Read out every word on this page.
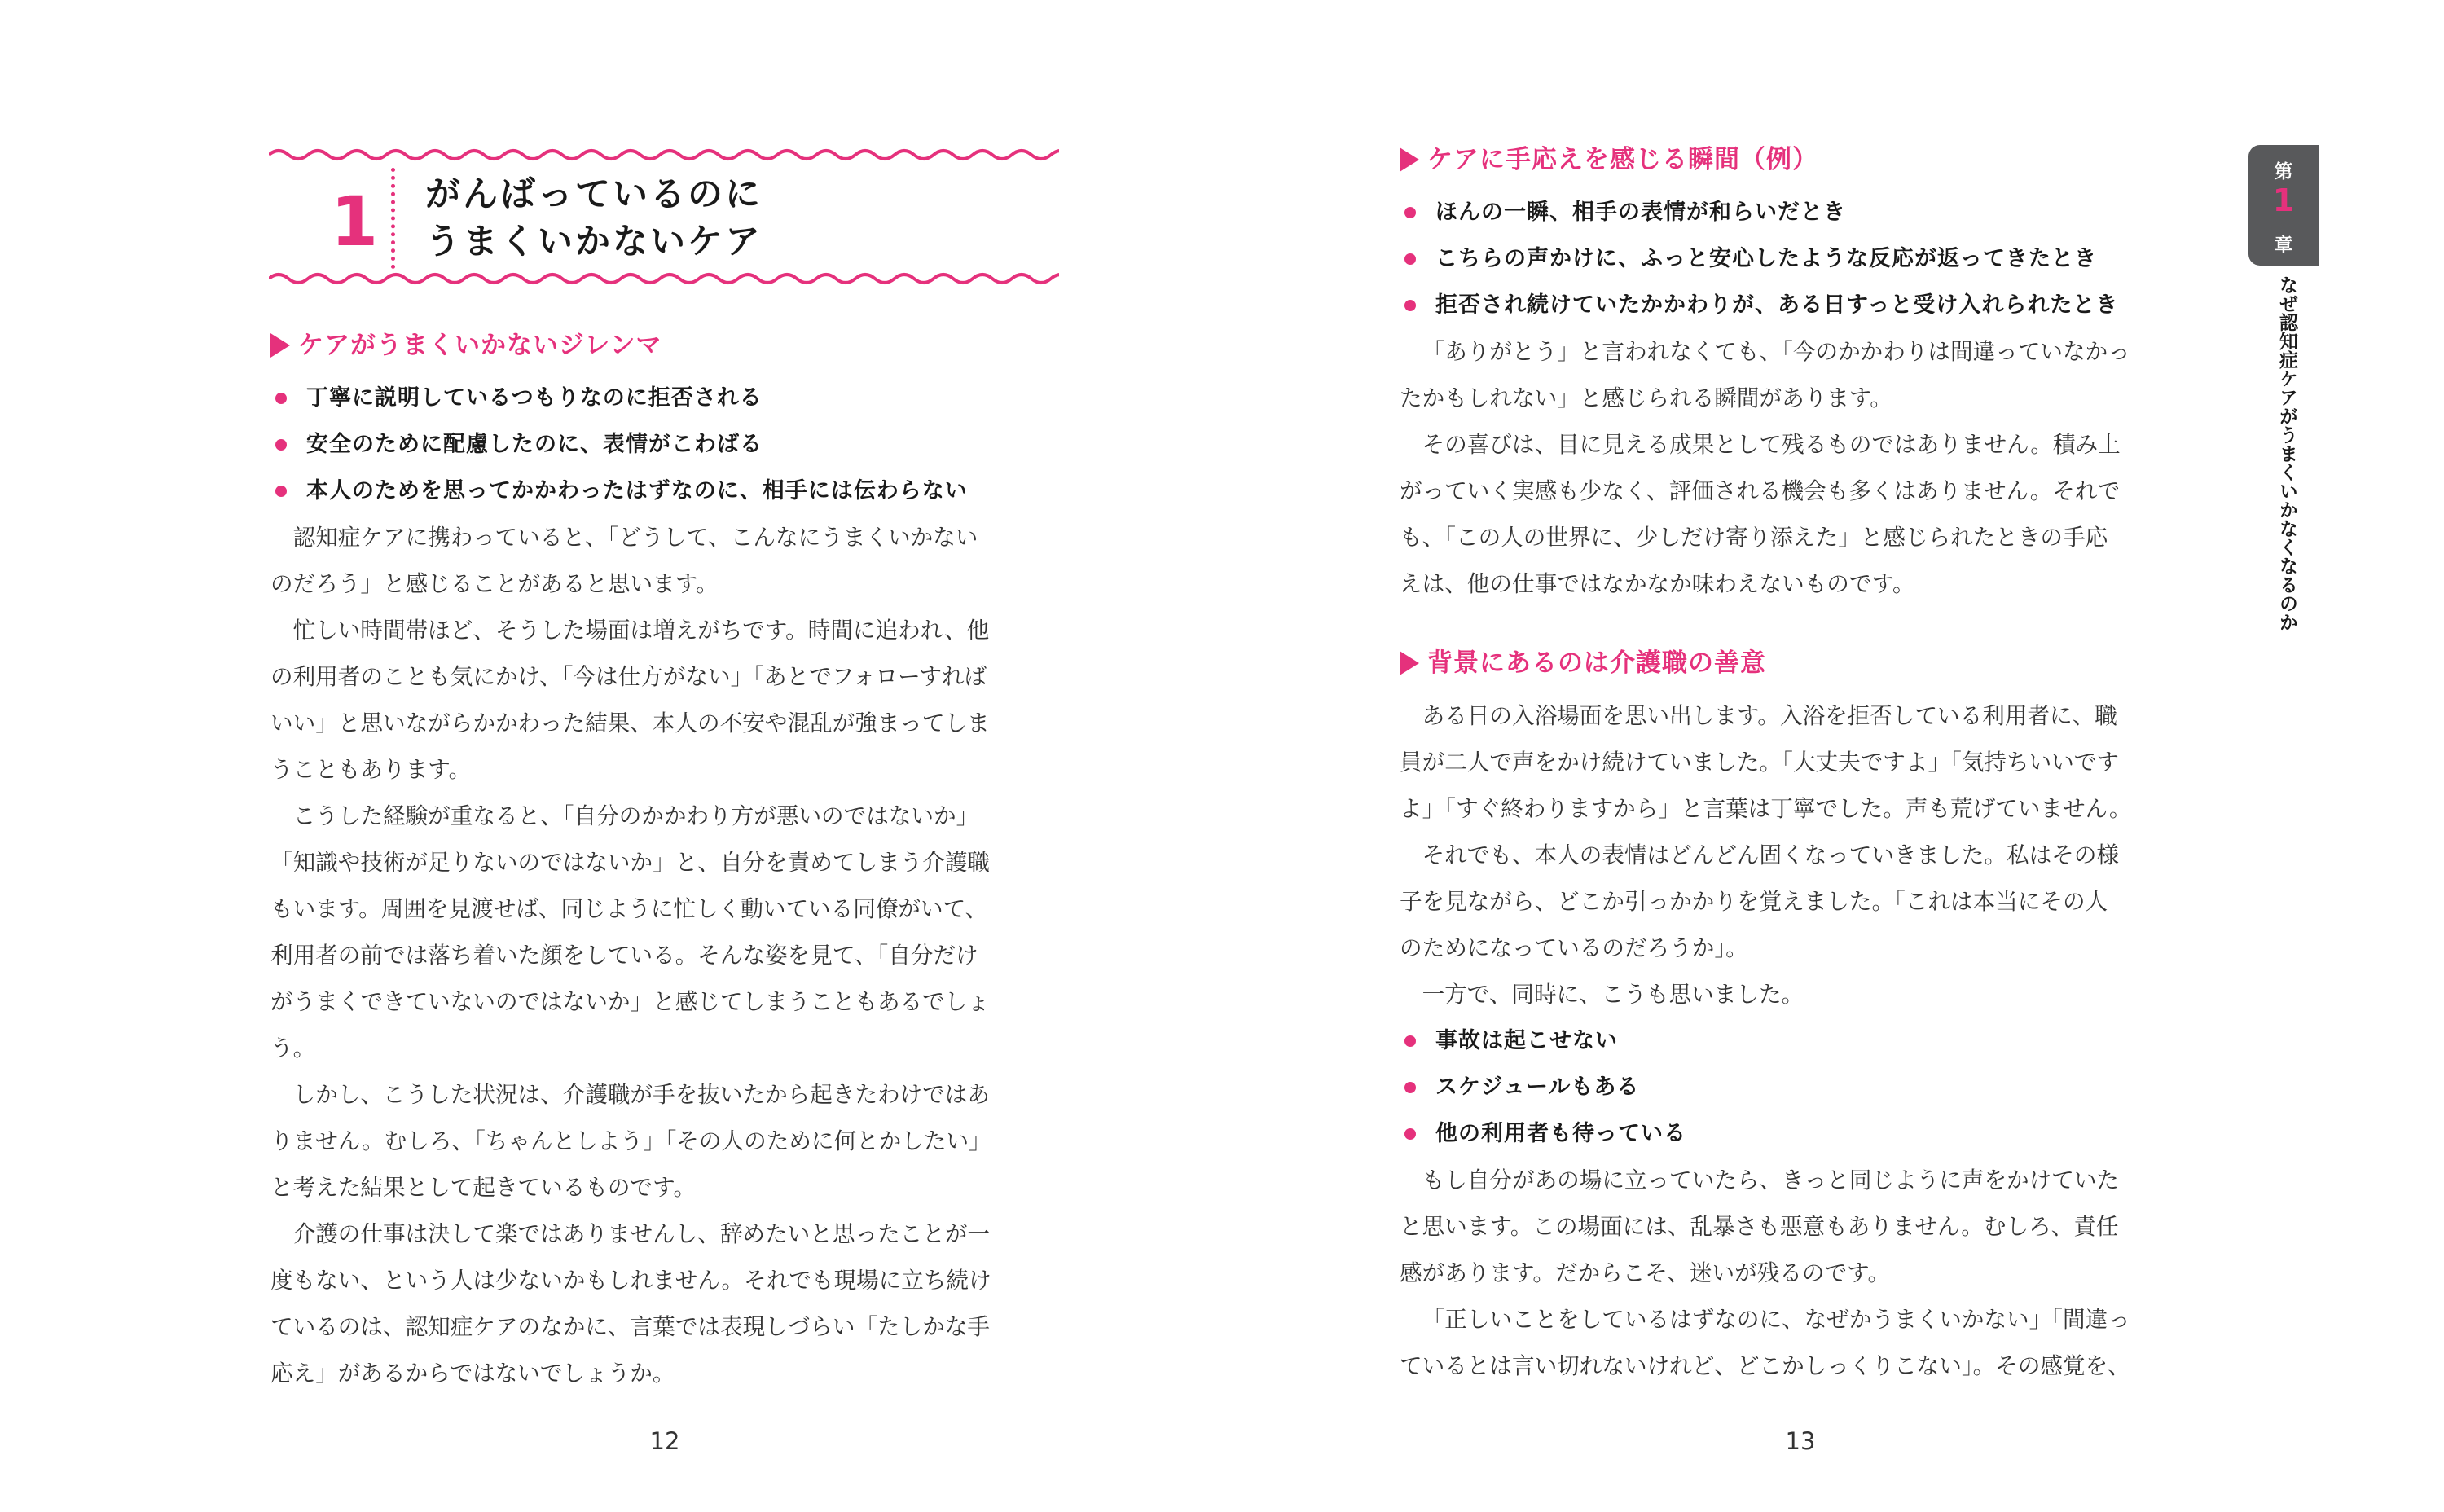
1	がんばっているのに
うまくいかないケア
ケアがうまくいかないジレンマ
丁寧に説明しているつもりなのに拒否される
安全のために配慮したのに、表情がこわばる
本人のためを思ってかかわったはずなのに、相手には伝わらない

認知症ケアに携わっていると、「どうして、こんなにうまくいかない

のだろう」と感じることがあると思います。

忙しい時間帯ほど、そうした場面は増えがちです。時間に追われ、他

の利用者のことも気にかけ、「今は仕方がない」「あとでフォローすれば

いい」と思いながらかかわった結果、本人の不安や混乱が強まってしま

うこともあります。

こうした経験が重なると、「自分のかかわり方が悪いのではないか」

「知識や技術が足りないのではないか」と、自分を責めてしまう介護職

もいます。周囲を見渡せば、同じように忙しく動いている同僚がいて、

利用者の前では落ち着いた顔をしている。そんな姿を見て、「自分だけ

がうまくできていないのではないか」と感じてしまうこともあるでしょ

う。

しかし、こうした状況は、介護職が手を抜いたから起きたわけではあ

りません。むしろ、「ちゃんとしよう」「その人のために何とかしたい」

と考えた結果として起きているものです。

介護の仕事は決して楽ではありませんし、辞めたいと思ったことが一

度もない、という人は少ないかもしれません。それでも現場に立ち続け

ているのは、認知症ケアのなかに、言葉では表現しづらい「たしかな手

応え」があるからではないでしょうか。

12
ケアに手応えを感じる瞬間（例）
ほんの一瞬、相手の表情が和らいだとき
こちらの声かけに、ふっと安心したような反応が返ってきたとき
拒否され続けていたかかわりが、ある日すっと受け入れられたとき

「ありがとう」と言われなくても、「今のかかわりは間違っていなかっ

たかもしれない」と感じられる瞬間があります。

その喜びは、目に見える成果として残るものではありません。積み上

がっていく実感も少なく、評価される機会も多くはありません。それで

も、「この人の世界に、少しだけ寄り添えた」と感じられたときの手応

えは、他の仕事ではなかなか味わえないものです。

背景にあるのは介護職の善意

ある日の入浴場面を思い出します。入浴を拒否している利用者に、職

員が二人で声をかけ続けていました。「大丈夫ですよ」「気持ちいいです

よ」「すぐ終わりますから」と言葉は丁寧でした。声も荒げていません。

それでも、本人の表情はどんどん固くなっていきました。私はその様

子を見ながら、どこか引っかかりを覚えました。「これは本当にその人

のためになっているのだろうか」。

一方で、同時に、こうも思いました。

事故は起こせない
スケジュールもある
他の利用者も待っている

もし自分があの場に立っていたら、きっと同じように声をかけていた

と思います。この場面には、乱暴さも悪意もありません。むしろ、責任

感があります。だからこそ、迷いが残るのです。

「正しいことをしているはずなのに、なぜかうまくいかない」「間違っ

ているとは言い切れないけれど、どこかしっくりこない」。その感覚を、

13
第
1
章
なぜ認知症ケアがうまくいかなくなるのか
